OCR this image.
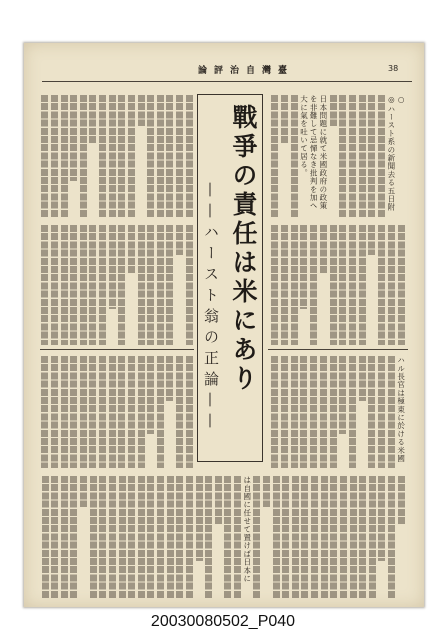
論評治自灣臺	38
戰爭の責任は米にあり
——ハースト翁の正論——
○
◎ハースト系の新聞去る五日附
日本問題に就て米國政府の政策
を非難して忌憚なき批判を加へ
大に氣を吐いて居る。
ハル長官は極東に於ける米國
は自國に任せて置けば日本に
20030080502_P040
